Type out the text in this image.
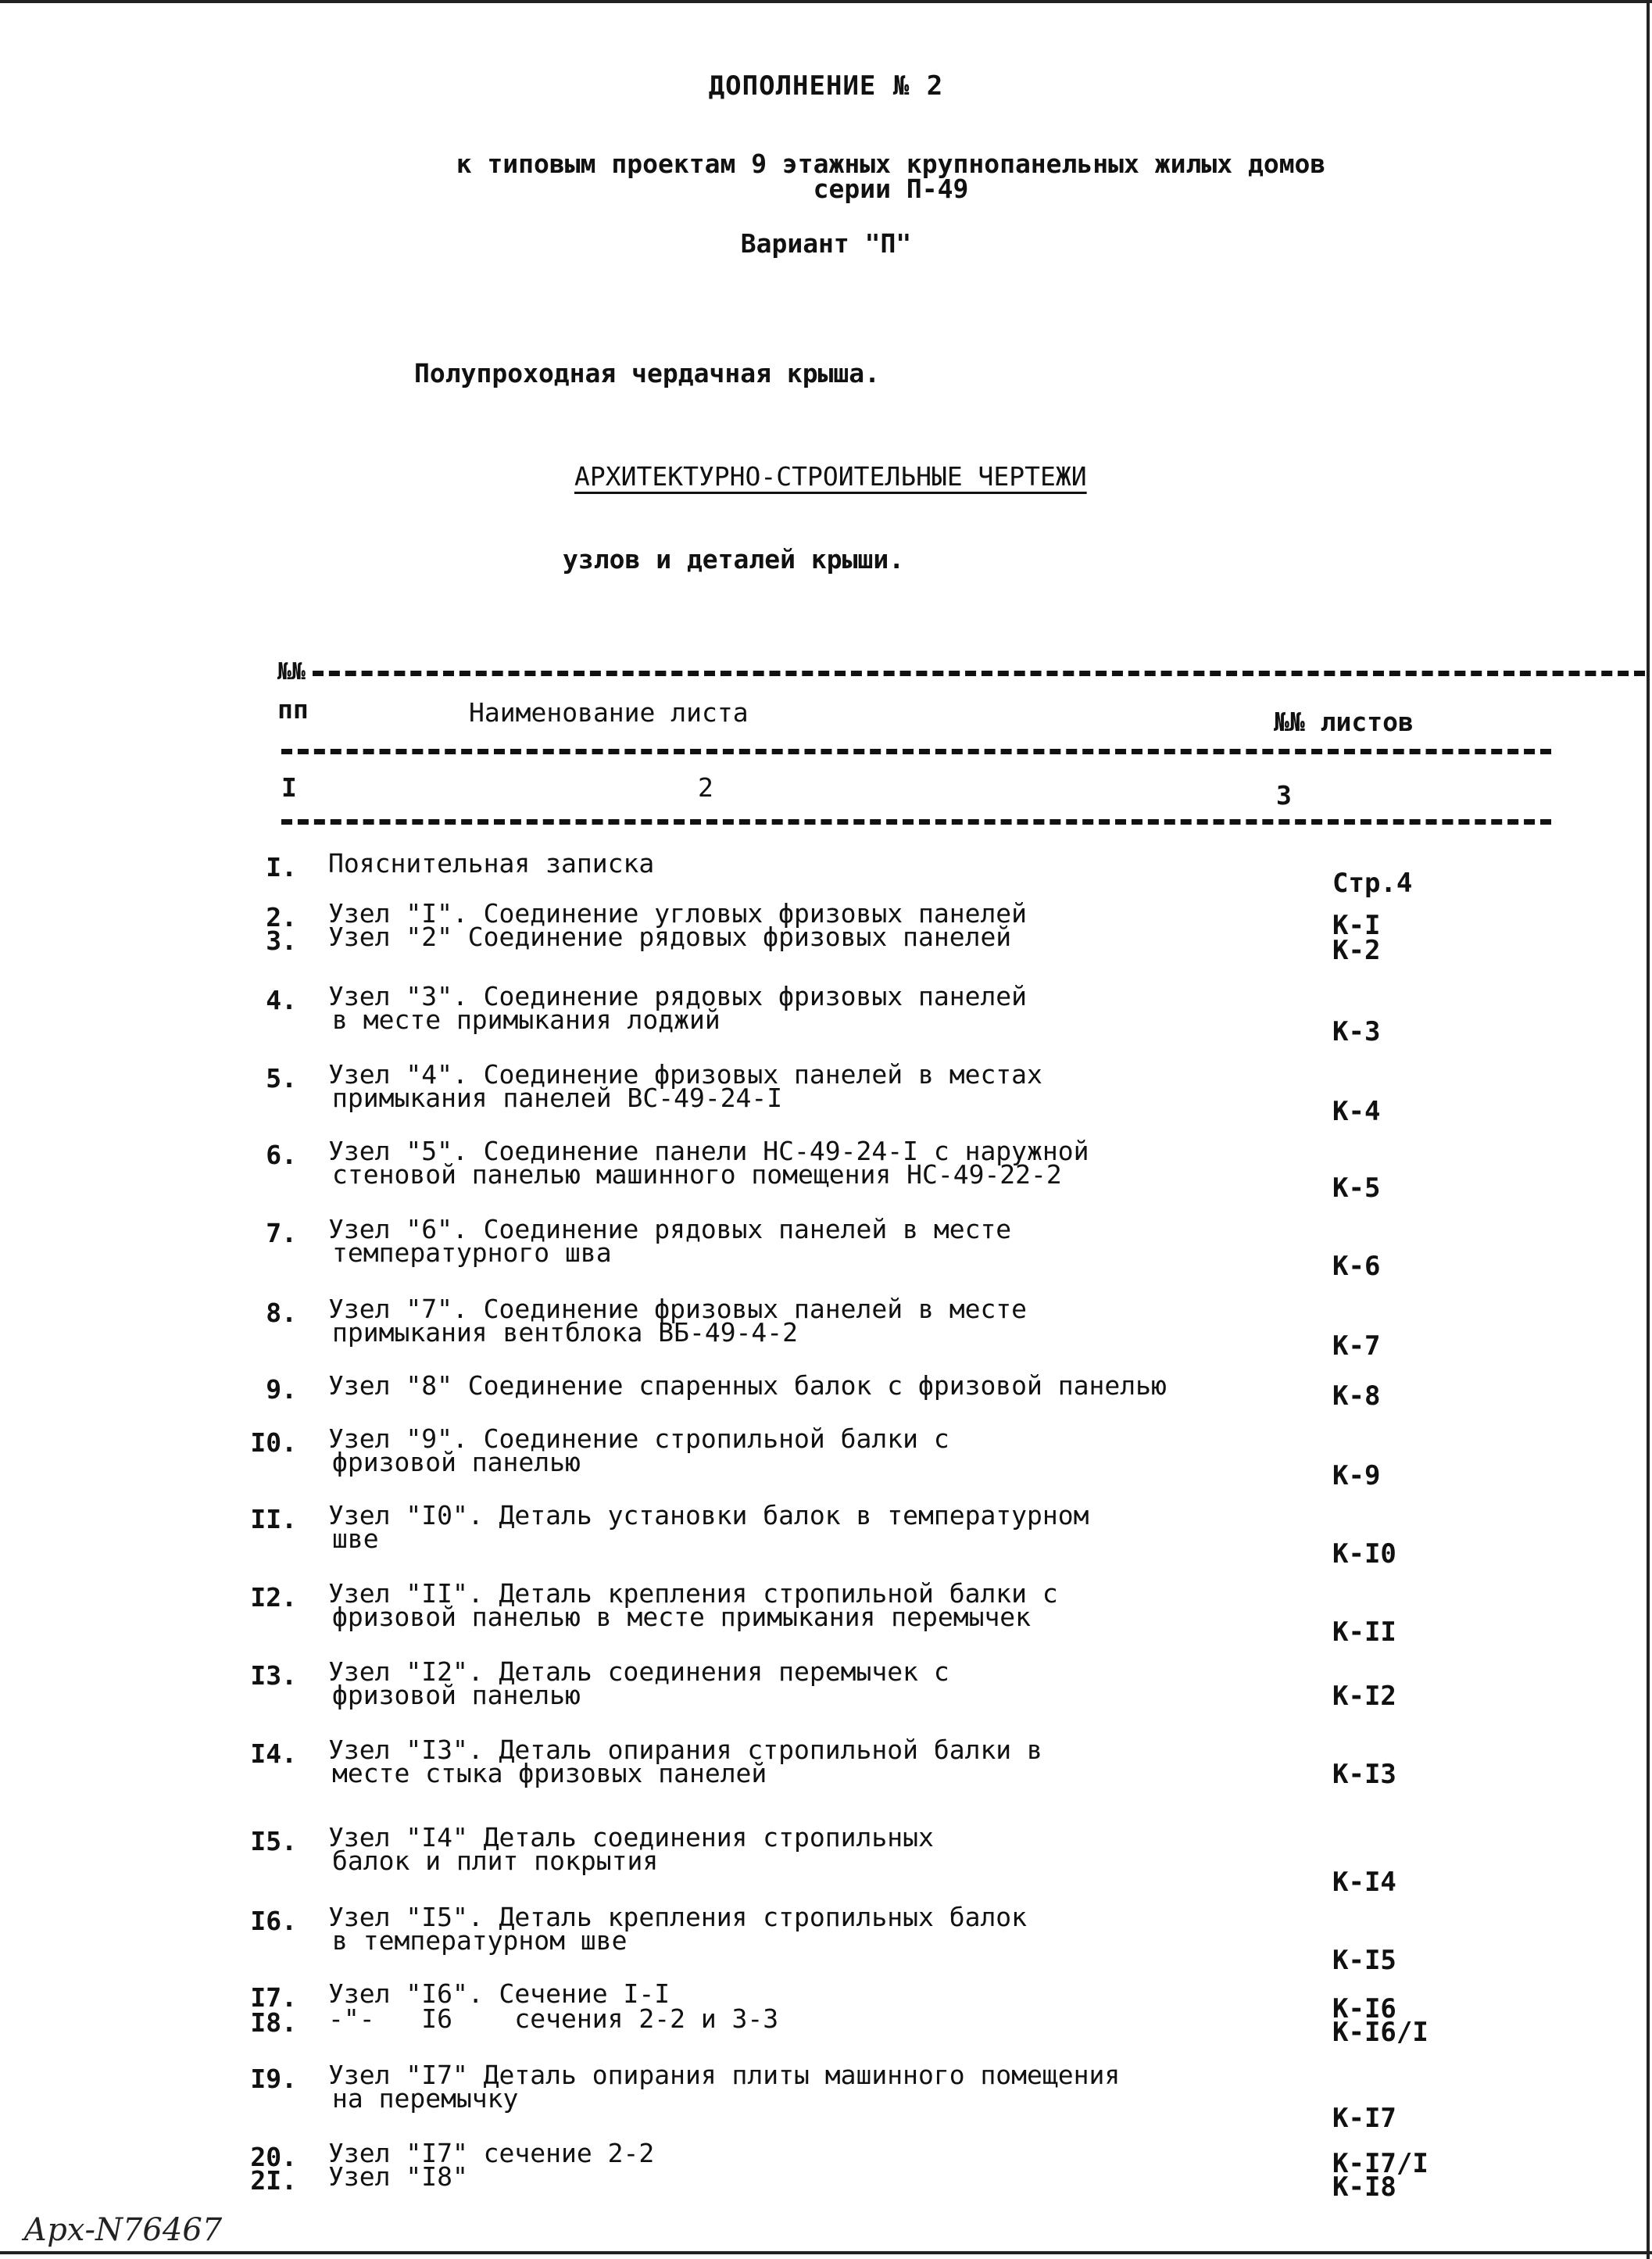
ДОПОЛНЕНИЕ № 2
к типовым проектам 9 этажных крупнопанельных жилых домов
серии П-49
Вариант "П"
Полупроходная чердачная крыша.
АРХИТЕКТУРНО-СТРОИТЕЛЬНЫЕ ЧЕРТЕЖИ
узлов и деталей крыши.
№№
пп	Наименование листа	№№ листов
I	2	3
I. Пояснительная записка
Стр.4
2. Узел "I". Соединение угловых фризовых панелей	К-I
3. Узел "2" Соединение рядовых фризовых панелей	К-2
4. Узел "3". Соединение рядовых фризовых панелей
в месте примыкания лоджий	К-3
5. Узел "4". Соединение фризовых панелей в местах
примыкания панелей ВС-49-24-I	К-4
6. Узел "5". Соединение панели НС-49-24-I с наружной
стеновой панелью машинного помещения НС-49-22-2	К-5
7. Узел "6". Соединение рядовых панелей в месте
температурного шва	К-6
8. Узел "7". Соединение фризовых панелей в месте
примыкания вентблока ВБ-49-4-2	К-7
9. Узел "8" Соединение спаренных балок с фризовой панелью	К-8
I0. Узел "9". Соединение стропильной балки с
фризовой панелью	К-9
II. Узел "I0". Деталь установки балок в температурном
шве	К-I0
I2. Узел "II". Деталь крепления стропильной балки с
фризовой панелью в месте примыкания перемычек	К-II
I3. Узел "I2". Деталь соединения перемычек с
фризовой панелью	К-I2
I4. Узел "I3". Деталь опирания стропильной балки в
месте стыка фризовых панелей	К-I3
I5. Узел "I4" Деталь соединения стропильных
балок и плит покрытия
К-I4
I6. Узел "I5". Деталь крепления стропильных балок
в температурном шве
К-I5
I7. Узел "I6". Сечение I-I	К-I6
I8. -"-   I6    сечения 2-2 и 3-3	К-I6/I
I9. Узел "I7" Деталь опирания плиты машинного помещения
на перемычку
К-I7
20. Узел "I7" сечение 2-2	К-I7/I
2I. Узел "I8"	К-I8
Арх-N76467
